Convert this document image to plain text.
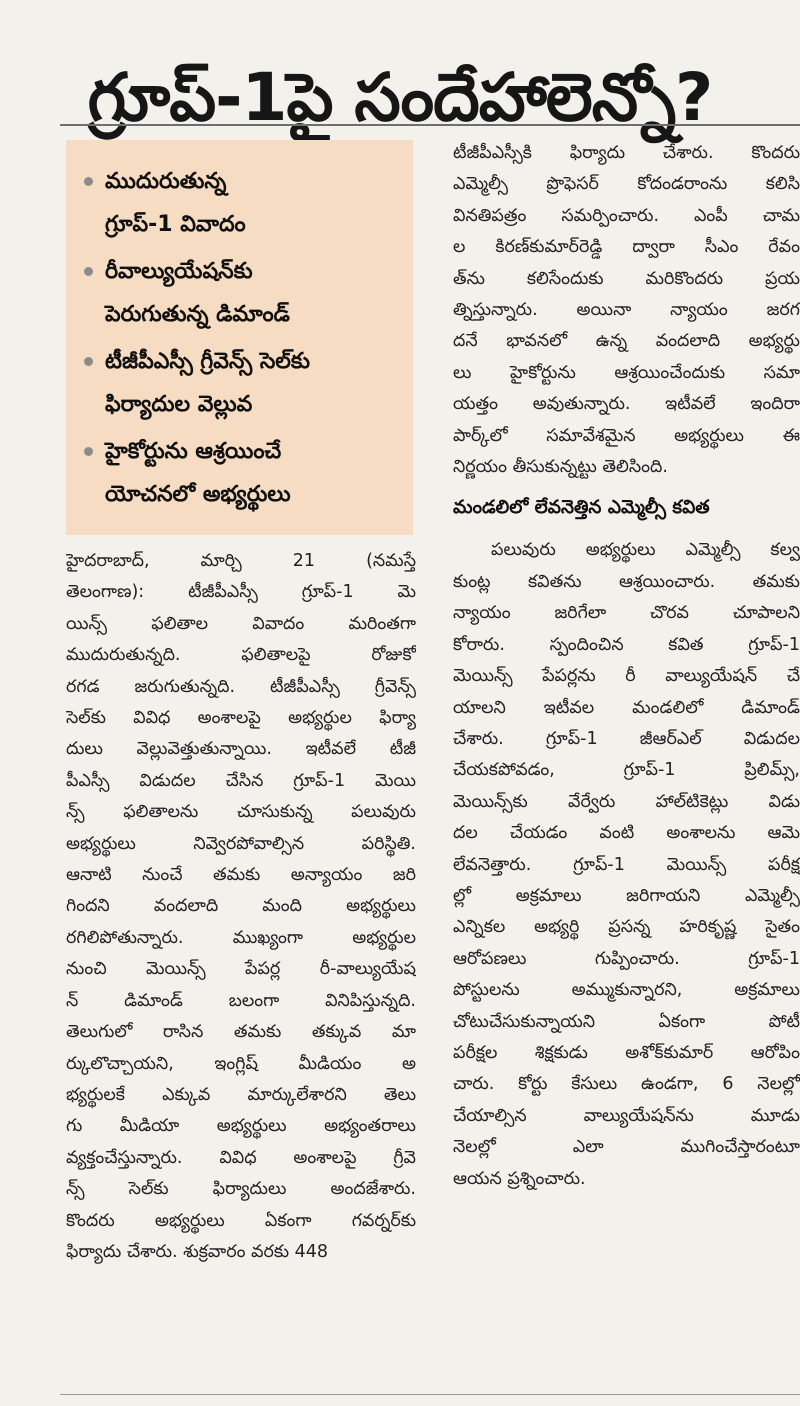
గ్రూప్-1పై సందేహాలెన్నో?
ముదురుతున్న
గ్రూప్-1 వివాదం
రీవాల్యుయేషన్‌కు
పెరుగుతున్న డిమాండ్
టీజీపీఎస్సీ గ్రీవెన్స్ సెల్‌కు
ఫిర్యాదుల వెల్లువ
హైకోర్టును ఆశ్రయించే
యోచనలో అభ్యర్థులు
హైదరాబాద్, మార్చి 21 (నమస్తే
తెలంగాణ): టీజీపీఎస్సీ గ్రూప్-1 మె
యిన్స్ ఫలితాల వివాదం మరింతగా
ముదురుతున్నది. ఫలితాలపై రోజుకో
రగడ జరుగుతున్నది. టీజీపీఎస్సీ గ్రీవెన్స్
సెల్‌కు వివిధ అంశాలపై అభ్యర్థుల ఫిర్యా
దులు వెల్లువెత్తుతున్నాయి. ఇటీవలే టీజీ
పీఎస్సీ విడుదల చేసిన గ్రూప్-1 మెయి
న్స్ ఫలితాలను చూసుకున్న పలువురు
అభ్యర్థులు నివ్వెరపోవాల్సిన పరిస్థితి.
ఆనాటి నుంచే తమకు అన్యాయం జరి
గిందని వందలాది మంది అభ్యర్థులు
రగిలిపోతున్నారు. ముఖ్యంగా అభ్యర్థుల
నుంచి మెయిన్స్ పేపర్ల రీ-వాల్యుయేష
న్ డిమాండ్ బలంగా వినిపిస్తున్నది.
తెలుగులో రాసిన తమకు తక్కువ మా
ర్కులొచ్చాయని, ఇంగ్లిష్ మీడియం అ
భ్యర్థులకే ఎక్కువ మార్కులేశారని తెలు
గు మీడియా అభ్యర్థులు అభ్యంతరాలు
వ్యక్తంచేస్తున్నారు. వివిధ అంశాలపై గ్రీవె
న్స్ సెల్‌కు ఫిర్యాదులు అందజేశారు.
కొందరు అభ్యర్థులు ఏకంగా గవర్నర్‌కు
ఫిర్యాదు చేశారు. శుక్రవారం వరకు 448
టీజీపీఎస్సీకి ఫిర్యాదు చేశారు. కొందరు
ఎమ్మెల్సీ ప్రొఫెసర్ కోదండరాంను కలిసి
వినతిపత్రం సమర్పించారు. ఎంపీ చామ
ల కిరణ్‌కుమార్‌రెడ్డి ద్వారా సీఎం రేవం
త్‌ను కలిసేందుకు మరికొందరు ప్రయ
త్నిస్తున్నారు. అయినా న్యాయం జరగ
దనే భావనలో ఉన్న వందలాది అభ్యర్థు
లు హైకోర్టును ఆశ్రయించేందుకు సమా
యత్తం అవుతున్నారు. ఇటీవలే ఇందిరా
పార్క్‌లో సమావేశమైన అభ్యర్థులు ఈ
నిర్ణయం తీసుకున్నట్టు తెలిసింది.
మండలిలో లేవనెత్తిన ఎమ్మెల్సీ కవిత
పలువురు అభ్యర్థులు ఎమ్మెల్సీ కల్వ
కుంట్ల కవితను ఆశ్రయించారు. తమకు
న్యాయం జరిగేలా చొరవ చూపాలని
కోరారు. స్పందించిన కవిత గ్రూప్-1
మెయిన్స్ పేపర్లను రీ వాల్యుయేషన్ చే
యాలని ఇటీవల మండలిలో డిమాండ్
చేశారు. గ్రూప్-1 జీఆర్ఎల్ విడుదల
చేయకపోవడం, గ్రూప్-1 ప్రిలిమ్స్,
మెయిన్స్‌కు వేర్వేరు హాల్‌టికెట్లు విడు
దల చేయడం వంటి అంశాలను ఆమె
లేవనెత్తారు. గ్రూప్-1 మెయిన్స్ పరీక్ష
ల్లో అక్రమాలు జరిగాయని ఎమ్మెల్సీ
ఎన్నికల అభ్యర్థి ప్రసన్న హరికృష్ణ సైతం
ఆరోపణలు గుప్పించారు. గ్రూప్-1
పోస్టులను అమ్ముకున్నారని, అక్రమాలు
చోటుచేసుకున్నాయని ఏకంగా పోటీ
పరీక్షల శిక్షకుడు అశోక్‌కుమార్ ఆరోపిం
చారు. కోర్టు కేసులు ఉండగా, 6 నెలల్లో
చేయాల్సిన వాల్యుయేషన్‌ను మూడు
నెలల్లో ఎలా ముగించేస్తారంటూ
ఆయన ప్రశ్నించారు.
